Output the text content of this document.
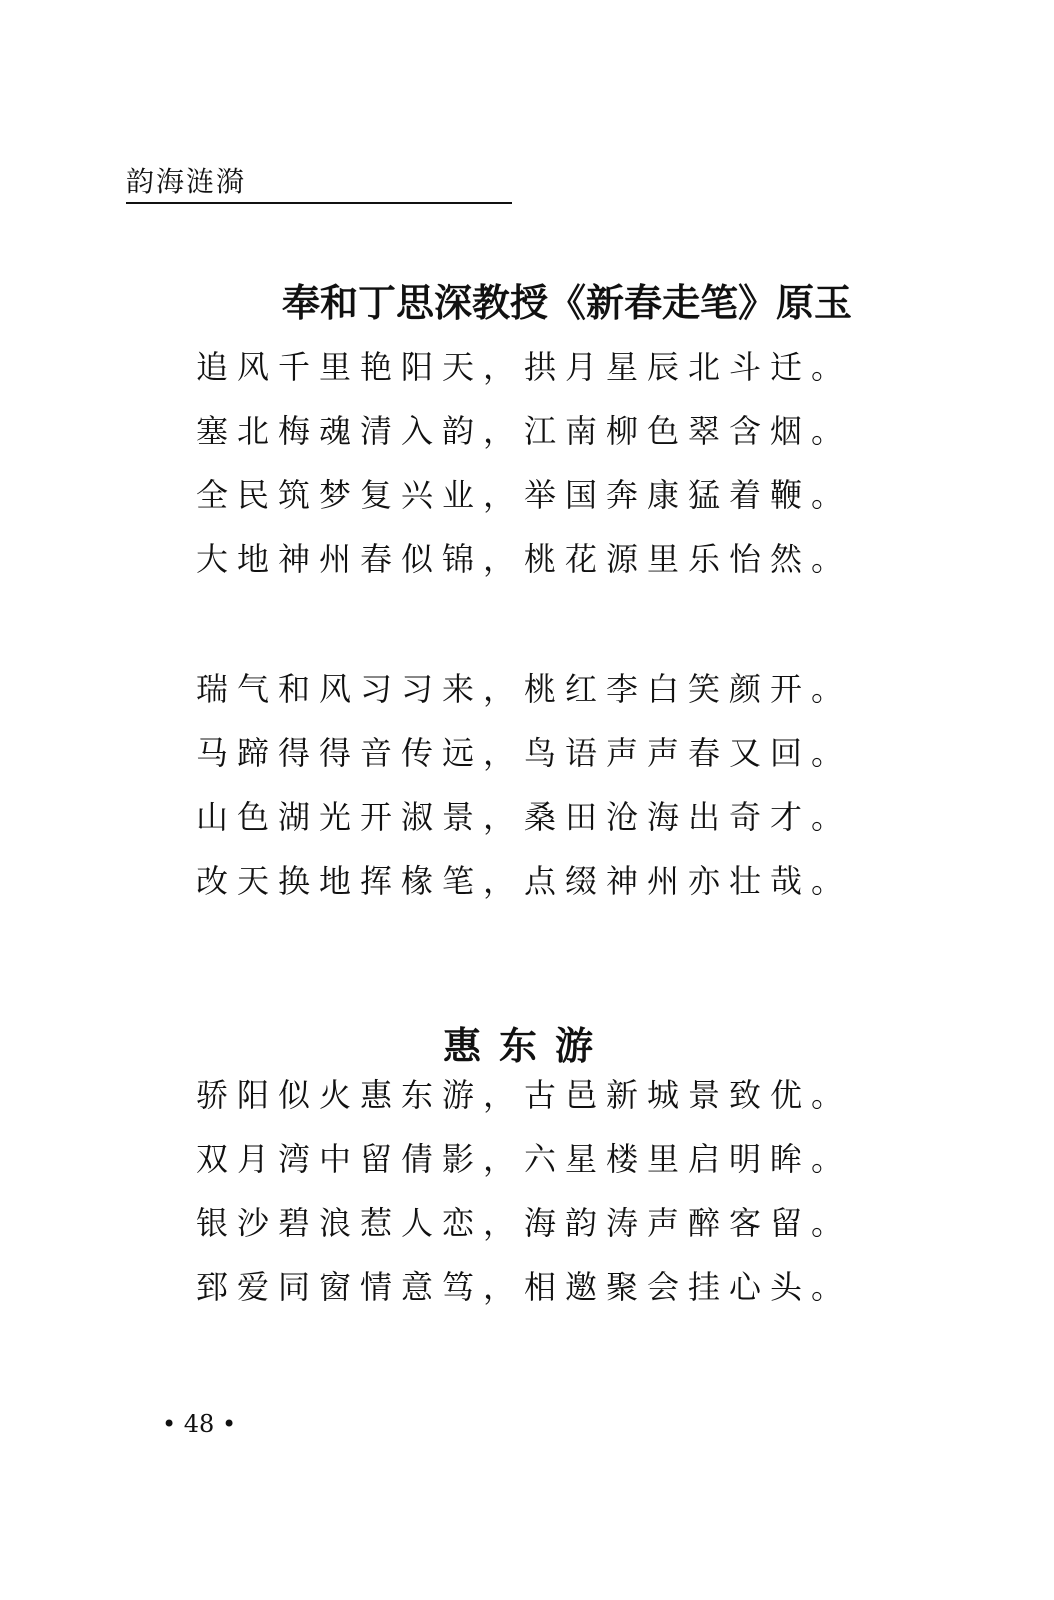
韵海涟漪
奉和丁思深教授《新春走笔》原玉
追风千里艳阳天，拱月星辰北斗迁。
塞北梅魂清入韵，江南柳色翠含烟。
全民筑梦复兴业，举国奔康猛着鞭。
大地神州春似锦，桃花源里乐怡然。
瑞气和风习习来，桃红李白笑颜开。
马蹄得得音传远，鸟语声声春又回。
山色湖光开淑景，桑田沧海出奇才。
改天换地挥椽笔，点缀神州亦壮哉。
惠东游
骄阳似火惠东游，古邑新城景致优。
双月湾中留倩影，六星楼里启明眸。
银沙碧浪惹人恋，海韵涛声醉客留。
郅爱同窗情意笃，相邀聚会挂心头。
• 48 •
